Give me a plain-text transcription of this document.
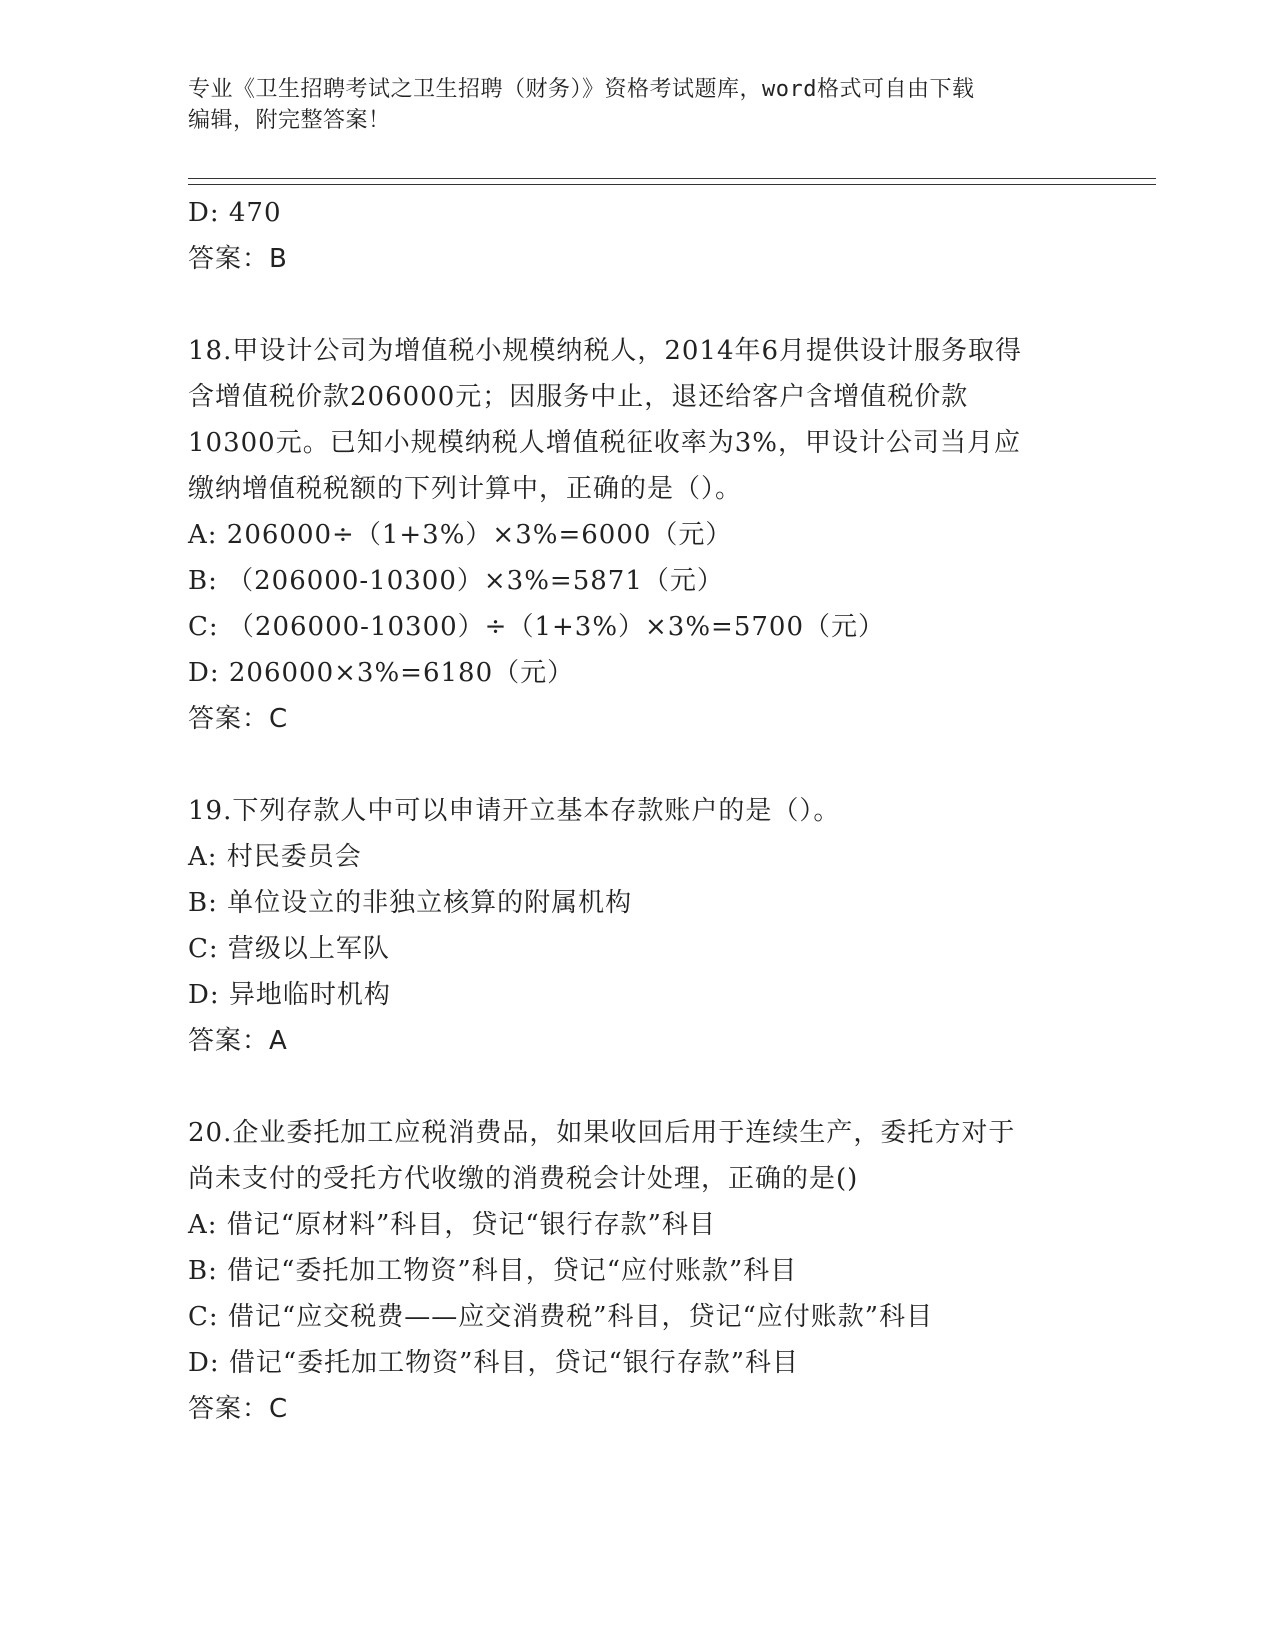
专业《卫生招聘考试之卫生招聘（财务）》资格考试题库，word格式可自由下载
编辑，附完整答案！
D: 470
答案：B
18.甲设计公司为增值税小规模纳税人，2014年6月提供设计服务取得
含增值税价款206000元；因服务中止，退还给客户含增值税价款
10300元。已知小规模纳税人增值税征收率为3%，甲设计公司当月应
缴纳增值税税额的下列计算中，正确的是（）。
A: 206000÷（1+3%）×3%=6000（元）
B: （206000-10300）×3%=5871（元）
C: （206000-10300）÷（1+3%）×3%=5700（元）
D: 206000×3%=6180（元）
答案：C
19.下列存款人中可以申请开立基本存款账户的是（）。
A: 村民委员会
B: 单位设立的非独立核算的附属机构
C: 营级以上军队
D: 异地临时机构
答案：A
20.企业委托加工应税消费品，如果收回后用于连续生产，委托方对于
尚未支付的受托方代收缴的消费税会计处理，正确的是()
A: 借记“原材料”科目，贷记“银行存款”科目
B: 借记“委托加工物资”科目，贷记“应付账款”科目
C: 借记“应交税费——应交消费税”科目，贷记“应付账款”科目
D: 借记“委托加工物资”科目，贷记“银行存款”科目
答案：C
